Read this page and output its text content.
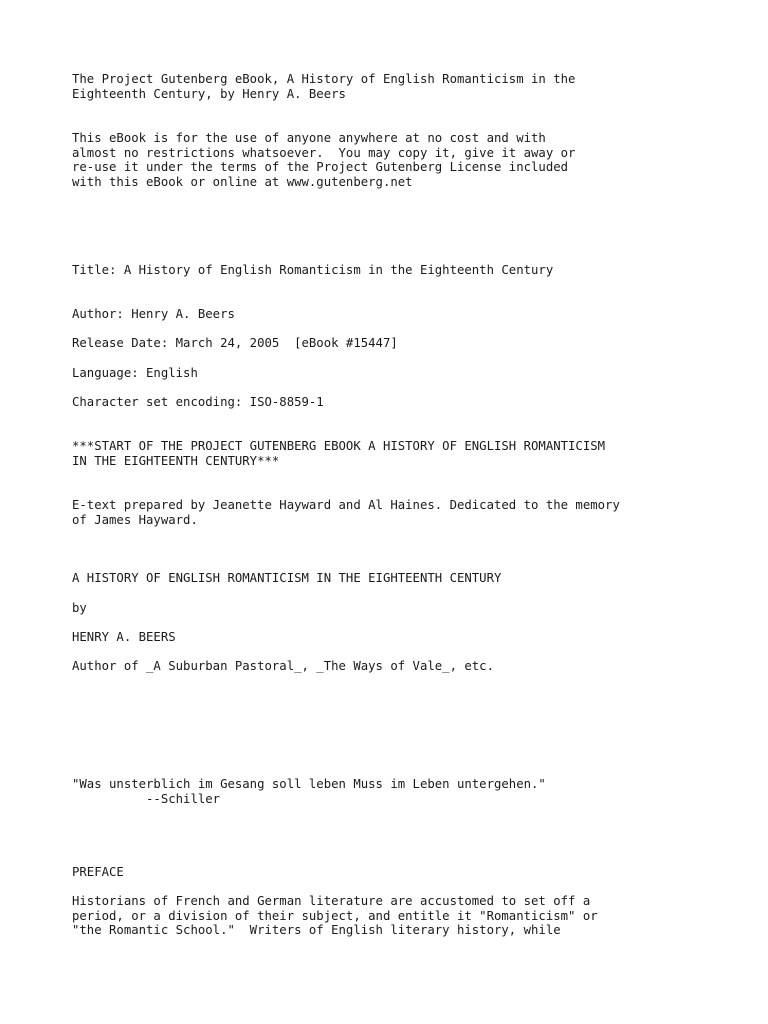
The Project Gutenberg eBook, A History of English Romanticism in the

Eighteenth Century, by Henry A. Beers

This eBook is for the use of anyone anywhere at no cost and with

almost no restrictions whatsoever.  You may copy it, give it away or

re-use it under the terms of the Project Gutenberg License included

with this eBook or online at www.gutenberg.net

Title: A History of English Romanticism in the Eighteenth Century

Author: Henry A. Beers

Release Date: March 24, 2005  [eBook #15447]

Language: English

Character set encoding: ISO-8859-1

***START OF THE PROJECT GUTENBERG EBOOK A HISTORY OF ENGLISH ROMANTICISM

IN THE EIGHTEENTH CENTURY***

E-text prepared by Jeanette Hayward and Al Haines. Dedicated to the memory

of James Hayward.

A HISTORY OF ENGLISH ROMANTICISM IN THE EIGHTEENTH CENTURY

by

HENRY A. BEERS

Author of _A Suburban Pastoral_, _The Ways of Vale_, etc.

"Was unsterblich im Gesang soll leben Muss im Leben untergehen."

--Schiller

PREFACE

Historians of French and German literature are accustomed to set off a

period, or a division of their subject, and entitle it "Romanticism" or

"the Romantic School."  Writers of English literary history, while
